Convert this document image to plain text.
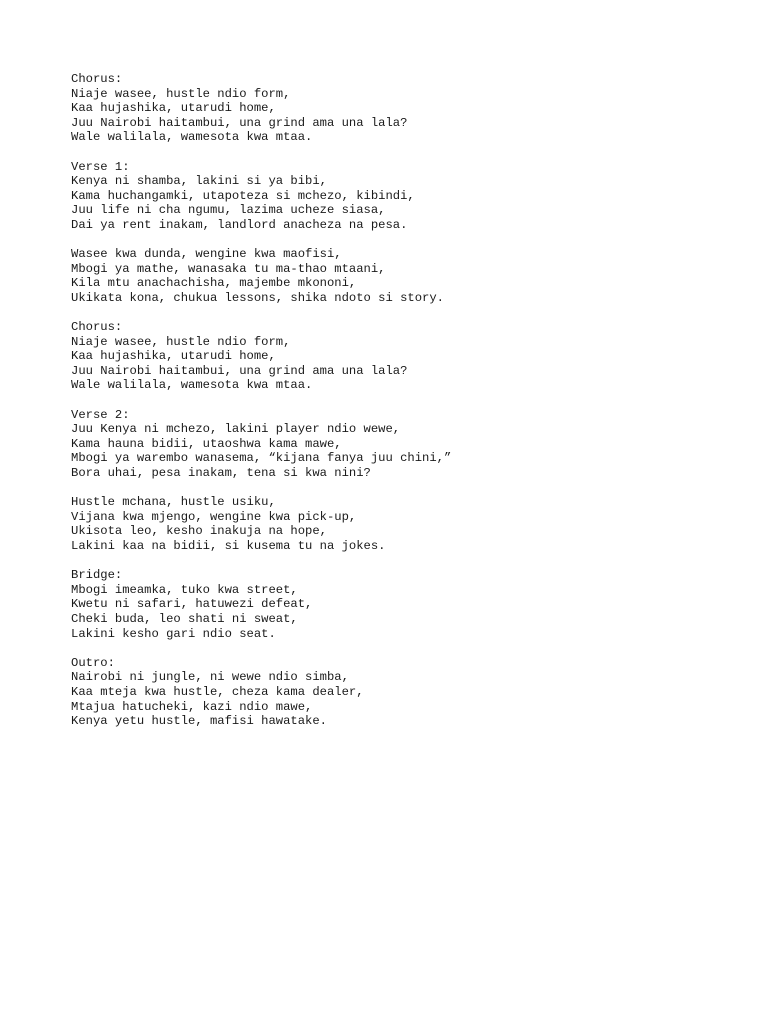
Chorus:
Niaje wasee, hustle ndio form,
Kaa hujashika, utarudi home,
Juu Nairobi haitambui, una grind ama una lala?
Wale walilala, wamesota kwa mtaa.
Verse 1:
Kenya ni shamba, lakini si ya bibi,
Kama huchangamki, utapoteza si mchezo, kibindi,
Juu life ni cha ngumu, lazima ucheze siasa,
Dai ya rent inakam, landlord anacheza na pesa.
Wasee kwa dunda, wengine kwa maofisi,
Mbogi ya mathe, wanasaka tu ma-thao mtaani,
Kila mtu anachachisha, majembe mkononi,
Ukikata kona, chukua lessons, shika ndoto si story.
Chorus:
Niaje wasee, hustle ndio form,
Kaa hujashika, utarudi home,
Juu Nairobi haitambui, una grind ama una lala?
Wale walilala, wamesota kwa mtaa.
Verse 2:
Juu Kenya ni mchezo, lakini player ndio wewe,
Kama hauna bidii, utaoshwa kama mawe,
Mbogi ya warembo wanasema, “kijana fanya juu chini,”
Bora uhai, pesa inakam, tena si kwa nini?
Hustle mchana, hustle usiku,
Vijana kwa mjengo, wengine kwa pick-up,
Ukisota leo, kesho inakuja na hope,
Lakini kaa na bidii, si kusema tu na jokes.
Bridge:
Mbogi imeamka, tuko kwa street,
Kwetu ni safari, hatuwezi defeat,
Cheki buda, leo shati ni sweat,
Lakini kesho gari ndio seat.
Outro:
Nairobi ni jungle, ni wewe ndio simba,
Kaa mteja kwa hustle, cheza kama dealer,
Mtajua hatucheki, kazi ndio mawe,
Kenya yetu hustle, mafisi hawatake.
